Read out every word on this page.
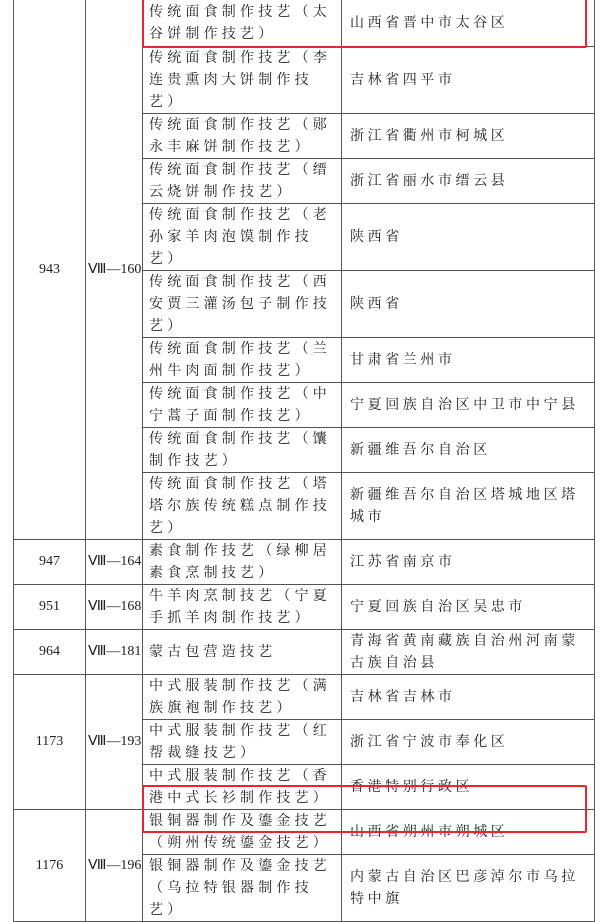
943	Ⅷ—160	传统面食制作技艺（太谷饼制作技艺）	山西省晋中市太谷区
		传统面食制作技艺（李连贵熏肉大饼制作技艺）	吉林省四平市
		传统面食制作技艺（郧永丰麻饼制作技艺）	浙江省衢州市柯城区
		传统面食制作技艺（缙云烧饼制作技艺）	浙江省丽水市缙云县
		传统面食制作技艺（老孙家羊肉泡馍制作技艺）	陕西省
		传统面食制作技艺（西安贾三灌汤包子制作技艺）	陕西省
		传统面食制作技艺（兰州牛肉面制作技艺）	甘肃省兰州市
		传统面食制作技艺（中宁蒿子面制作技艺）	宁夏回族自治区中卫市中宁县
		传统面食制作技艺（馕制作技艺）	新疆维吾尔自治区
		传统面食制作技艺（塔塔尔族传统糕点制作技艺）	新疆维吾尔自治区塔城地区塔城市
947	Ⅷ—164	素食制作技艺（绿柳居素食烹制技艺）	江苏省南京市
951	Ⅷ—168	牛羊肉烹制技艺（宁夏手抓羊肉制作技艺）	宁夏回族自治区吴忠市
964	Ⅷ—181	蒙古包营造技艺	青海省黄南藏族自治州河南蒙古族自治县
1173	Ⅷ—193	中式服装制作技艺（满族旗袍制作技艺）	吉林省吉林市
		中式服装制作技艺（红帮裁缝技艺）	浙江省宁波市奉化区
		中式服装制作技艺（香港中式长衫制作技艺）	香港特别行政区
1176	Ⅷ—196	银铜器制作及鎏金技艺（朔州传统鎏金技艺）	山西省朔州市朔城区
		银铜器制作及鎏金技艺（乌拉特银器制作技艺）	内蒙古自治区巴彦淖尔市乌拉特中旗
